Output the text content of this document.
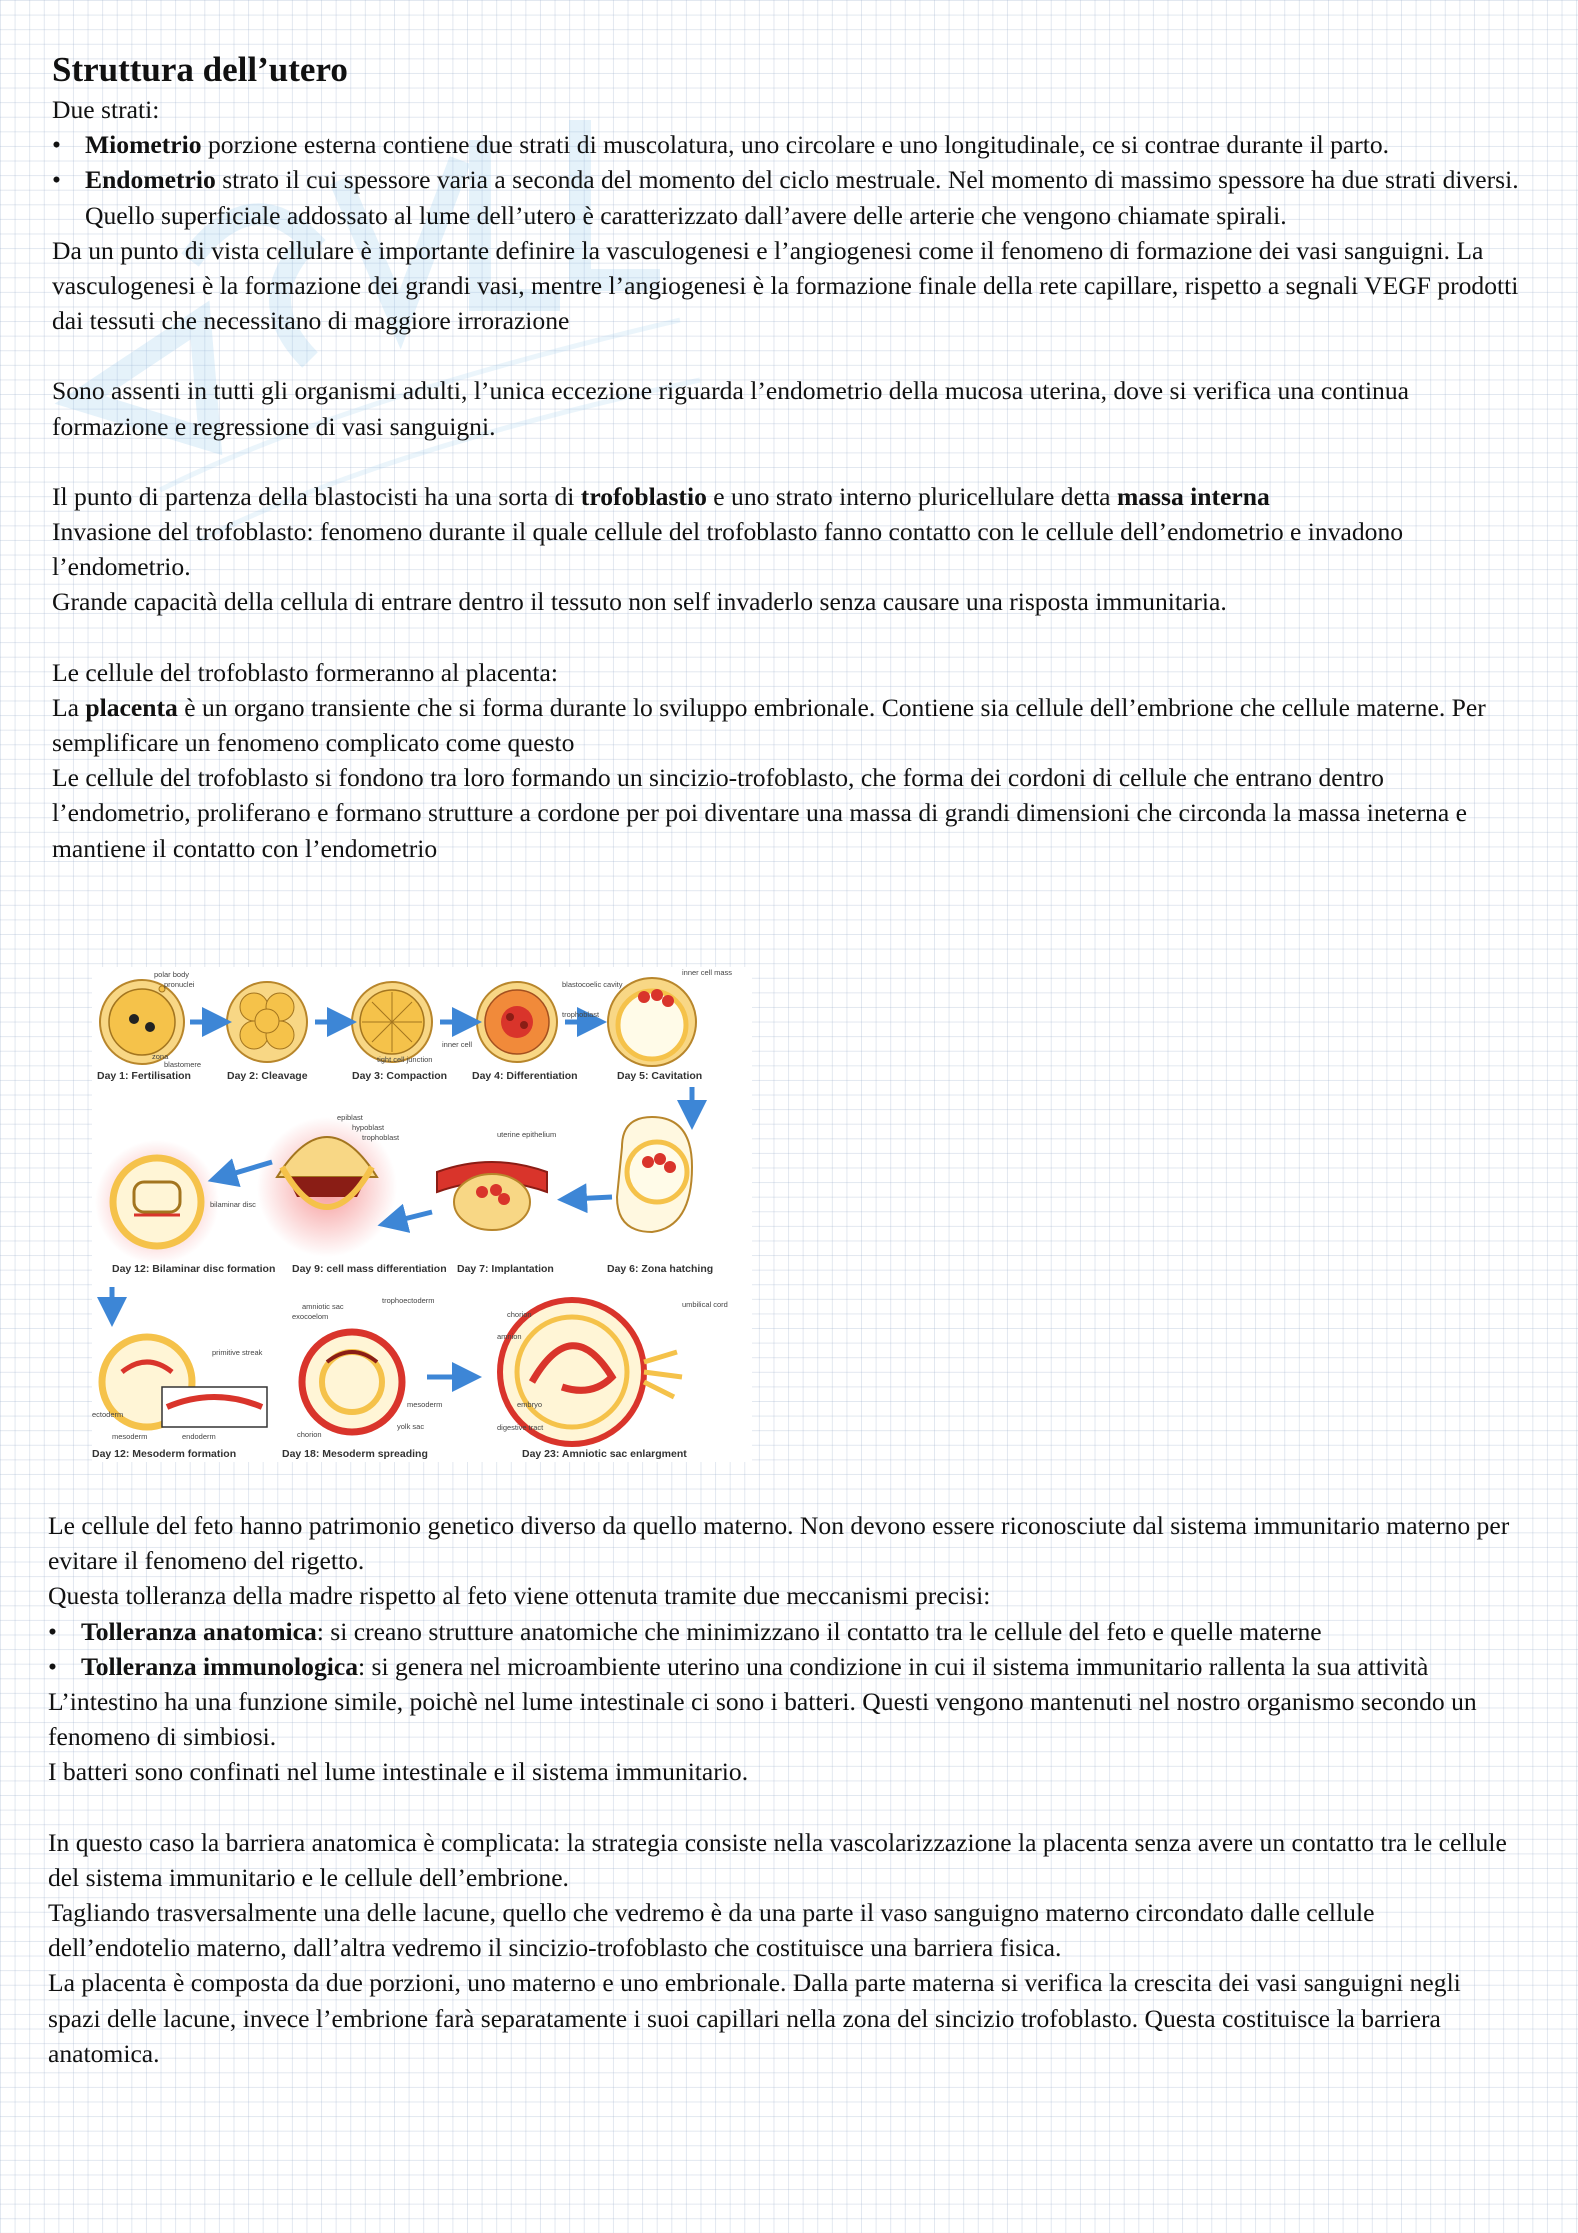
Struttura dell’utero

Due strati:

• Miometrio porzione esterna contiene due strati di muscolatura, uno circolare e uno longitudinale, ce si contrae durante il parto.
• Endometrio strato il cui spessore varia a seconda del momento del ciclo mestruale. Nel momento di massimo spessore ha due strati diversi. Quello superficiale addossato al lume dell’utero è caratterizzato dall’avere delle arterie che vengono chiamate spirali.

Da un punto di vista cellulare è importante definire la vasculogenesi e l’angiogenesi come il fenomeno di formazione dei vasi sanguigni. La vasculogenesi è la formazione dei grandi vasi, mentre l’angiogenesi è la formazione finale della rete capillare, rispetto a segnali VEGF prodotti dai tessuti che necessitano di maggiore irrorazione

Sono assenti in tutti gli organismi adulti, l’unica eccezione riguarda l’endometrio della mucosa uterina, dove si verifica una continua formazione e regressione di vasi sanguigni.

Il punto di partenza della blastocisti ha una sorta di trofoblastio e uno strato interno pluricellulare detta massa interna

Invasione del trofoblasto: fenomeno durante il quale cellule del trofoblasto fanno contatto con le cellule dell’endometrio e invadono l’endometrio.

Grande capacità della cellula di entrare dentro il tessuto non self invaderlo senza causare una risposta immunitaria.

Le cellule del trofoblasto formeranno al placenta:

La placenta è un organo transiente che si forma durante lo sviluppo embrionale. Contiene sia cellule dell’embrione che cellule materne. Per semplificare un fenomeno complicato come questo

Le cellule del trofoblasto si fondono tra loro formando un sincizio-trofoblasto, che forma dei cordoni di cellule che entrano dentro l’endometrio, proliferano e formano strutture a cordone per poi diventare una massa di grandi dimensioni che circonda la massa ineterna e mantiene il contatto con l’endometrio

Day 1: Fertilisation	Day 2: Cleavage	Day 3: Compaction Day 4: Differentiation	Day 5: Cavitation
polar body
pronuclei
zona
blastomere
tight cell junction
inner cell
blastocoelic cavity
trophoblast
inner cell mass
Day 12: Bilaminar disc formation Day 9: cell mass differentiation Day 7: Implantation	Day 6: Zona hatching
epiblast
hypoblast
trophoblast	uterine epithelium
bilaminar disc
Day 12: Mesoderm formation	Day 18: Mesoderm spreading	Day 23: Amniotic sac enlargment
amniotic sac
exocoelom
trophoectoderm
chorion
umbilical cord
amnion
primitive streak
mesoderm
yolk sac
embryo
digestive tract
ectoderm
endoderm
mesoderm	chorion

Le cellule del feto hanno patrimonio genetico diverso da quello materno. Non devono essere riconosciute dal sistema immunitario materno per evitare il fenomeno del rigetto.

Questa tolleranza della madre rispetto al feto viene ottenuta tramite due meccanismi precisi:

• Tolleranza anatomica: si creano strutture anatomiche che minimizzano il contatto tra le cellule del feto e quelle materne
• Tolleranza immunologica: si genera nel microambiente uterino una condizione in cui il sistema immunitario rallenta la sua attività

L’intestino ha una funzione simile, poichè nel lume intestinale ci sono i batteri. Questi vengono mantenuti nel nostro organismo secondo un fenomeno di simbiosi.

I batteri sono confinati nel lume intestinale e il sistema immunitario.

In questo caso la barriera anatomica è complicata: la strategia consiste nella vascolarizzazione la placenta senza avere un contatto tra le cellule del sistema immunitario e le cellule dell’embrione.

Tagliando trasversalmente una delle lacune, quello che vedremo è da una parte il vaso sanguigno materno circondato dalle cellule dell’endotelio materno, dall’altra vedremo il sincizio-trofoblasto che costituisce una barriera fisica.

La placenta è composta da due porzioni, uno materno e uno embrionale. Dalla parte materna si verifica la crescita dei vasi sanguigni negli spazi delle lacune, invece l’embrione farà separatamente i suoi capillari nella zona del sincizio trofoblasto. Questa costituisce la barriera anatomica.
